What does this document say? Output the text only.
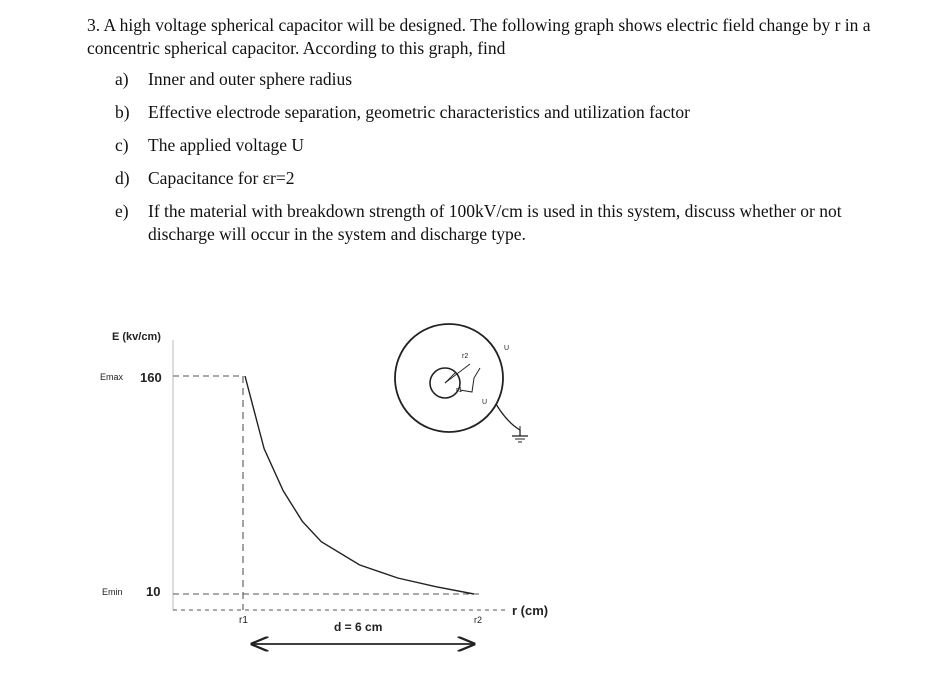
3. A high voltage spherical capacitor will be designed. The following graph shows electric field change by r in a concentric spherical capacitor. According to this graph, find

a) Inner and outer sphere radius
b) Effective electrode separation, geometric characteristics and utilization factor
c) The applied voltage U
d) Capacitance for εr=2
e) If the material with breakdown strength of 100kV/cm is used in this system, discuss whether or not discharge will occur in the system and discharge type.
E (kv/cm)
Emax 160
Emin 10
r (cm)
r1	r2
d = 6 cm
r2
r1
U
U
